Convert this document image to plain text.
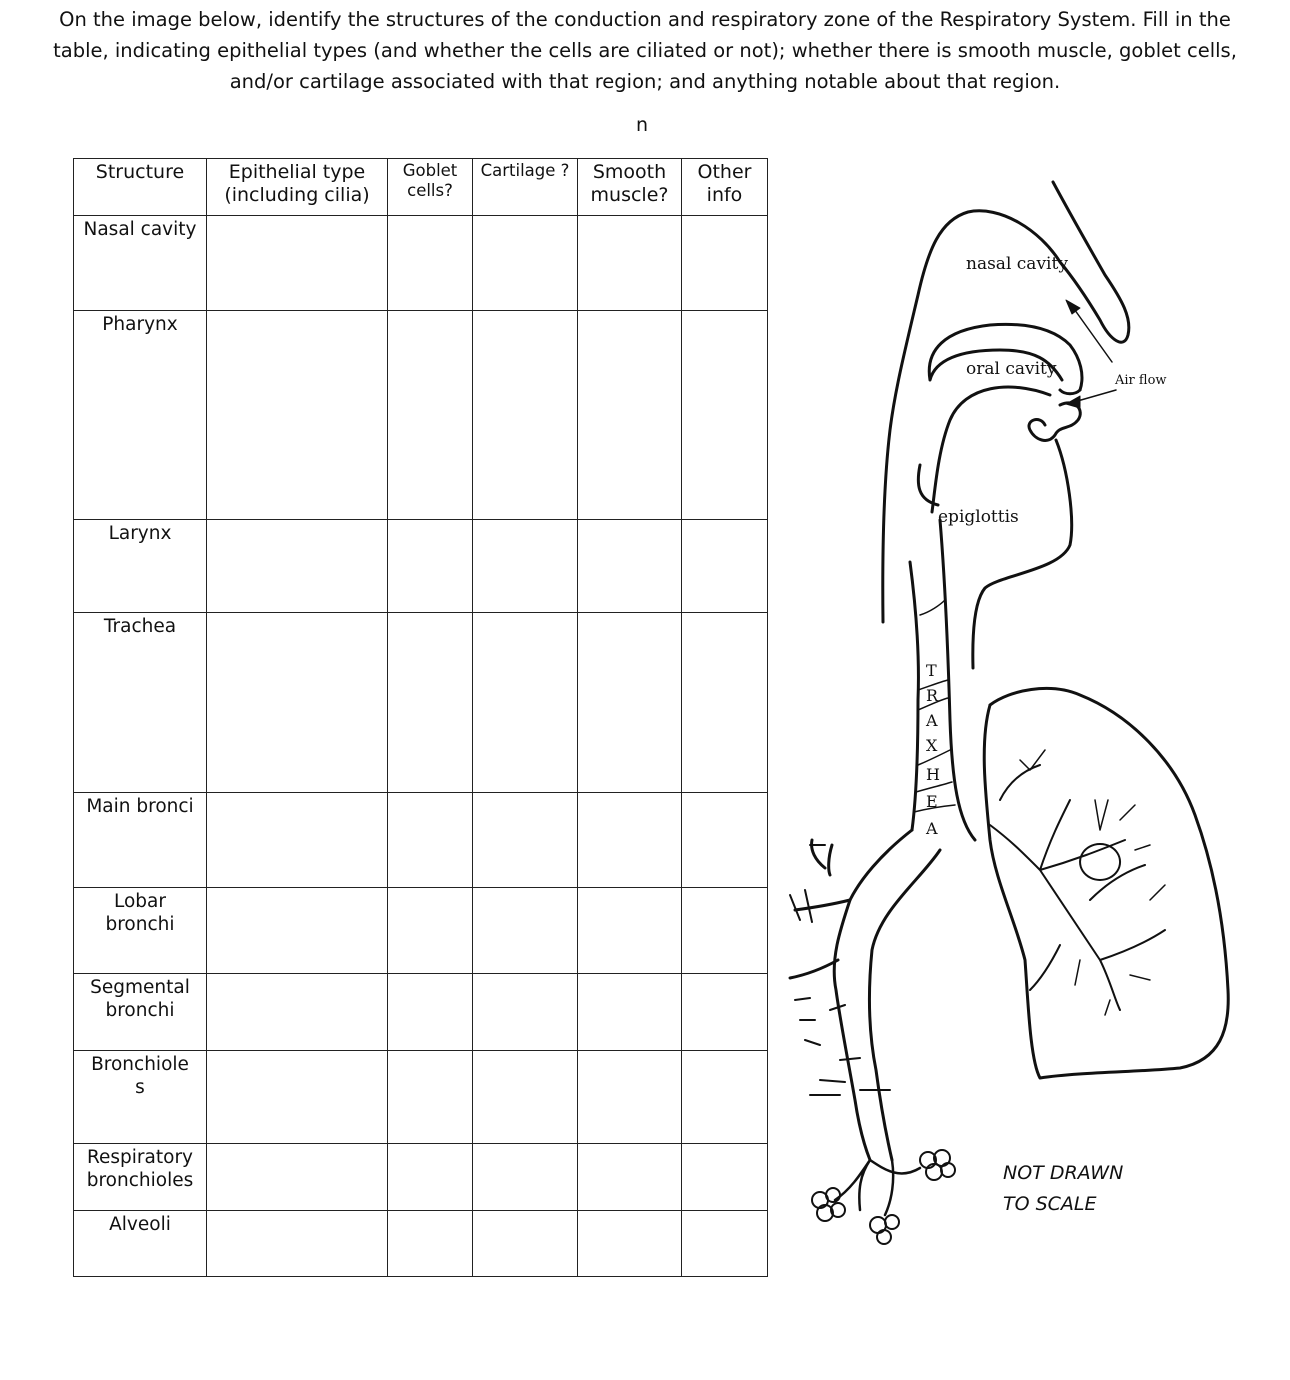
On the image below, identify the structures of the conduction and respiratory zone of the Respiratory System. Fill in the table, indicating epithelial types (and whether the cells are ciliated or not); whether there is smooth muscle, goblet cells, and/or cartilage associated with that region; and anything notable about that region.
n
Structure	Epithelial type (including cilia)	Goblet cells?	Cartilage ?	Smooth muscle?	Other info
Nasal cavity					
Pharynx					
Larynx					
Trachea					
Main bronci					
Lobar bronchi					
Segmental bronchi					
Bronchiole s					
Respiratory bronchioles					
Alveoli					
nasal cavity
oral cavity
Air flow
epiglottis
T
R
A
X
H
E
A
NOT DRAWN
TO SCALE
